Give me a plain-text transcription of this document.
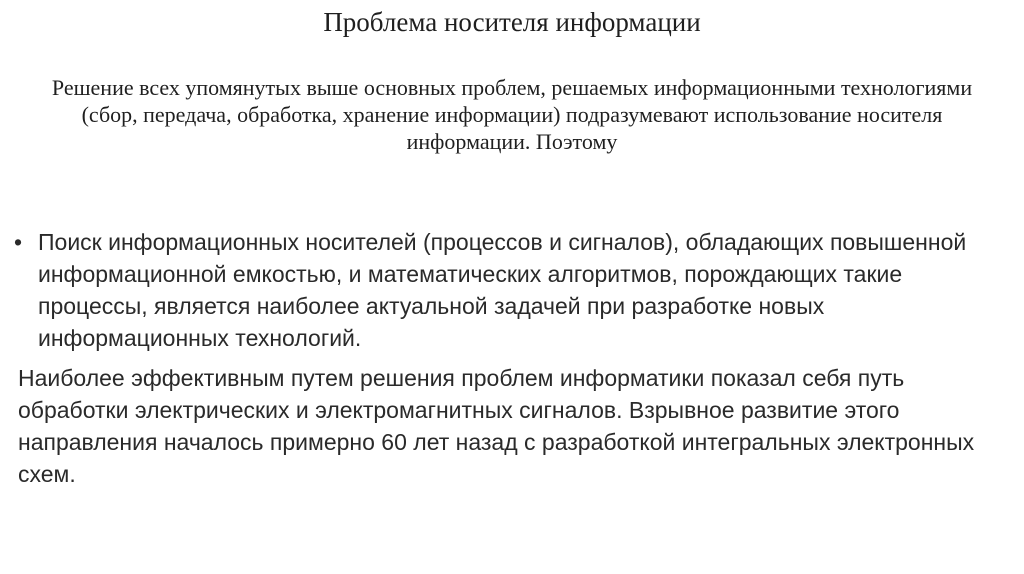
Проблема носителя информации

Решение всех упомянутых выше основных проблем, решаемых информационными технологиями (сбор, передача, обработка, хранение информации) подразумевают использование носителя информации. Поэтому

• Поиск информационных носителей (процессов и сигналов), обладающих повышенной информационной емкостью, и математических алгоритмов, порождающих такие процессы, является наиболее актуальной задачей при разработке новых информационных технологий.

Наиболее эффективным путем решения проблем информатики показал себя путь обработки электрических и электромагнитных сигналов. Взрывное развитие этого направления началось примерно 60 лет назад с разработкой интегральных электронных схем.
